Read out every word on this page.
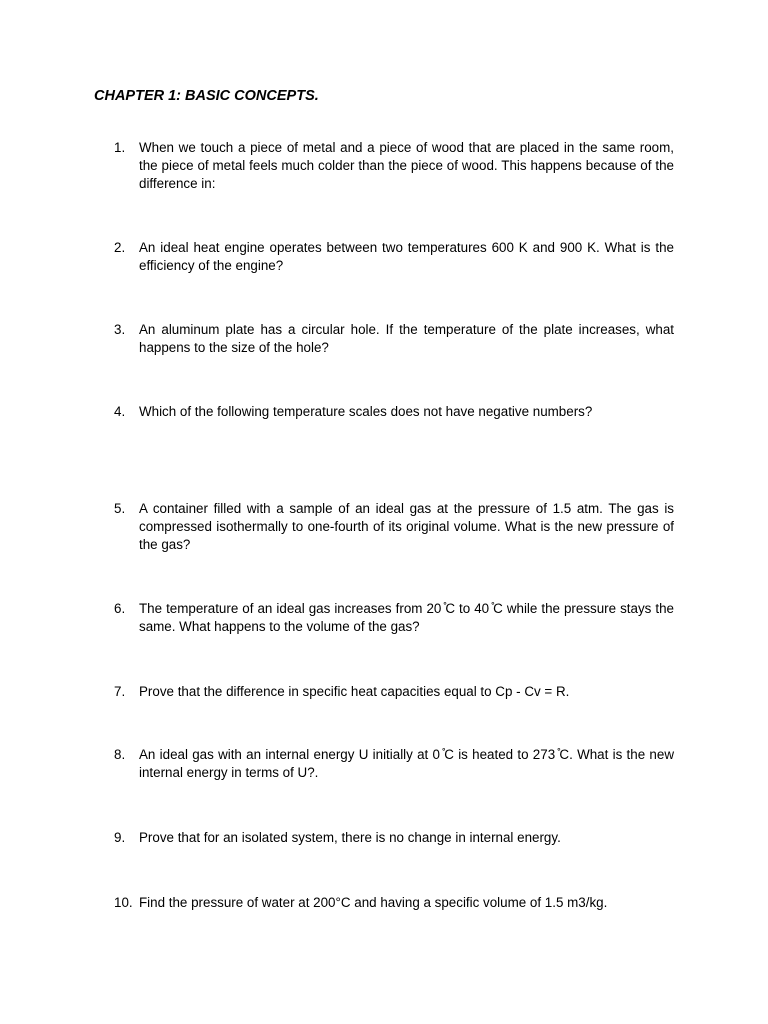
CHAPTER 1: BASIC CONCEPTS.
1. When we touch a piece of metal and a piece of wood that are placed in the same room, the piece of metal feels much colder than the piece of wood. This happens because of the difference in:
2. An ideal heat engine operates between two temperatures 600 K and 900 K. What is the efficiency of the engine?
3. An aluminum plate has a circular hole. If the temperature of the plate increases, what happens to the size of the hole?
4. Which of the following temperature scales does not have negative numbers?
5. A container filled with a sample of an ideal gas at the pressure of 1.5 atm. The gas is compressed isothermally to one-fourth of its original volume. What is the new pressure of the gas?
6. The temperature of an ideal gas increases from 20 ̊C to 40 ̊C while the pressure stays the same. What happens to the volume of the gas?
7. Prove that the difference in specific heat capacities equal to Cp - Cv = R.
8. An ideal gas with an internal energy U initially at 0 ̊C is heated to 273 ̊C. What is the new internal energy in terms of U?.
9. Prove that for an isolated system, there is no change in internal energy.
10. Find the pressure of water at 200°C and having a specific volume of 1.5 m3/kg.
